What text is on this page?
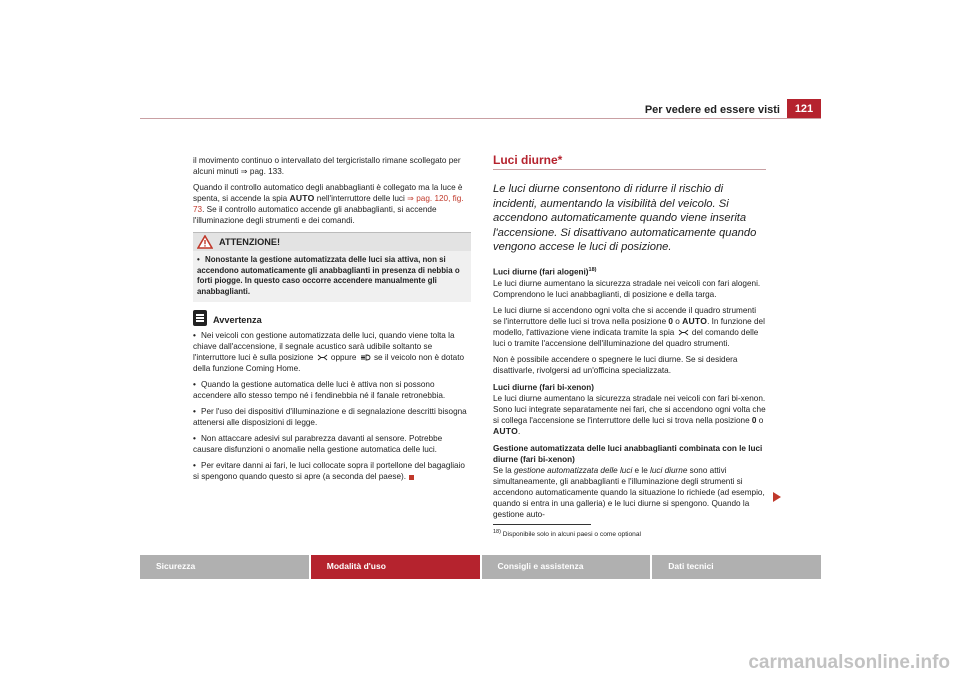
Per vedere ed essere visti	121

il movimento continuo o intervallato del tergicristallo rimane scollegato per alcuni minuti ⇒ pag. 133.

Quando il controllo automatico degli anabbaglianti è collegato ma la luce è spenta, si accende la spia AUTO nell'interruttore delle luci ⇒ pag. 120, fig. 73. Se il controllo automatico accende gli anabbaglianti, si accende l'illuminazione degli strumenti e dei comandi.

ATTENZIONE!
• Nonostante la gestione automatizzata delle luci sia attiva, non si accendono automaticamente gli anabbaglianti in presenza di nebbia o forti piogge. In questo caso occorre accendere manualmente gli anabbaglianti.
Avvertenza

• Nei veicoli con gestione automatizzata delle luci, quando viene tolta la chiave dall'accensione, il segnale acustico sarà udibile soltanto se l'interruttore luci è sulla posizione  oppure  se il veicolo non è dotato della funzione Coming Home.

• Quando la gestione automatica delle luci è attiva non si possono accendere allo stesso tempo né i fendinebbia né il fanale retronebbia.

• Per l'uso dei dispositivi d'illuminazione e di segnalazione descritti bisogna attenersi alle disposizioni di legge.

• Non attaccare adesivi sul parabrezza davanti al sensore. Potrebbe causare disfunzioni o anomalie nella gestione automatica delle luci.

• Per evitare danni ai fari, le luci collocate sopra il portellone del bagagliaio si spengono quando questo si apre (a seconda del paese).

Luci diurne*
Le luci diurne consentono di ridurre il rischio di incidenti, aumentando la visibilità del veicolo. Si accendono automaticamente quando viene inserita l'accensione. Si disattivano automaticamente quando vengono accese le luci di posizione.
Luci diurne (fari alogeni)$^{18)}$

Le luci diurne aumentano la sicurezza stradale nei veicoli con fari alogeni. Comprendono le luci anabbaglianti, di posizione e della targa.

Le luci diurne si accendono ogni volta che si accende il quadro strumenti se l'interruttore delle luci si trova nella posizione 0 o AUTO. In funzione del modello, l'attivazione viene indicata tramite la spia  del comando delle luci o tramite l'accensione dell'illuminazione del quadro strumenti.

Non è possibile accendere o spegnere le luci diurne. Se si desidera disattivarle, rivolgersi ad un'officina specializzata.

Luci diurne (fari bi-xenon)

Le luci diurne aumentano la sicurezza stradale nei veicoli con fari bi-xenon. Sono luci integrate separatamente nei fari, che si accendono ogni volta che si collega l'accensione se l'interruttore delle luci si trova nella posizione 0 o AUTO.

Gestione automatizzata delle luci anabbaglianti combinata con le luci diurne (fari bi-xenon)

Se la gestione automatizzata delle luci e le luci diurne sono attivi simultaneamente, gli anabbaglianti e l'illuminazione degli strumenti si accendono automaticamente quando la situazione lo richiede (ad esempio, quando si entra in una galleria) e le luci diurne si spengono. Quando la gestione auto-

$^{18)}$ Disponibile solo in alcuni paesi o come optional
Sicurezza	Modalità d'uso	Consigli e assistenza	Dati tecnici
carmanualsonline.info
